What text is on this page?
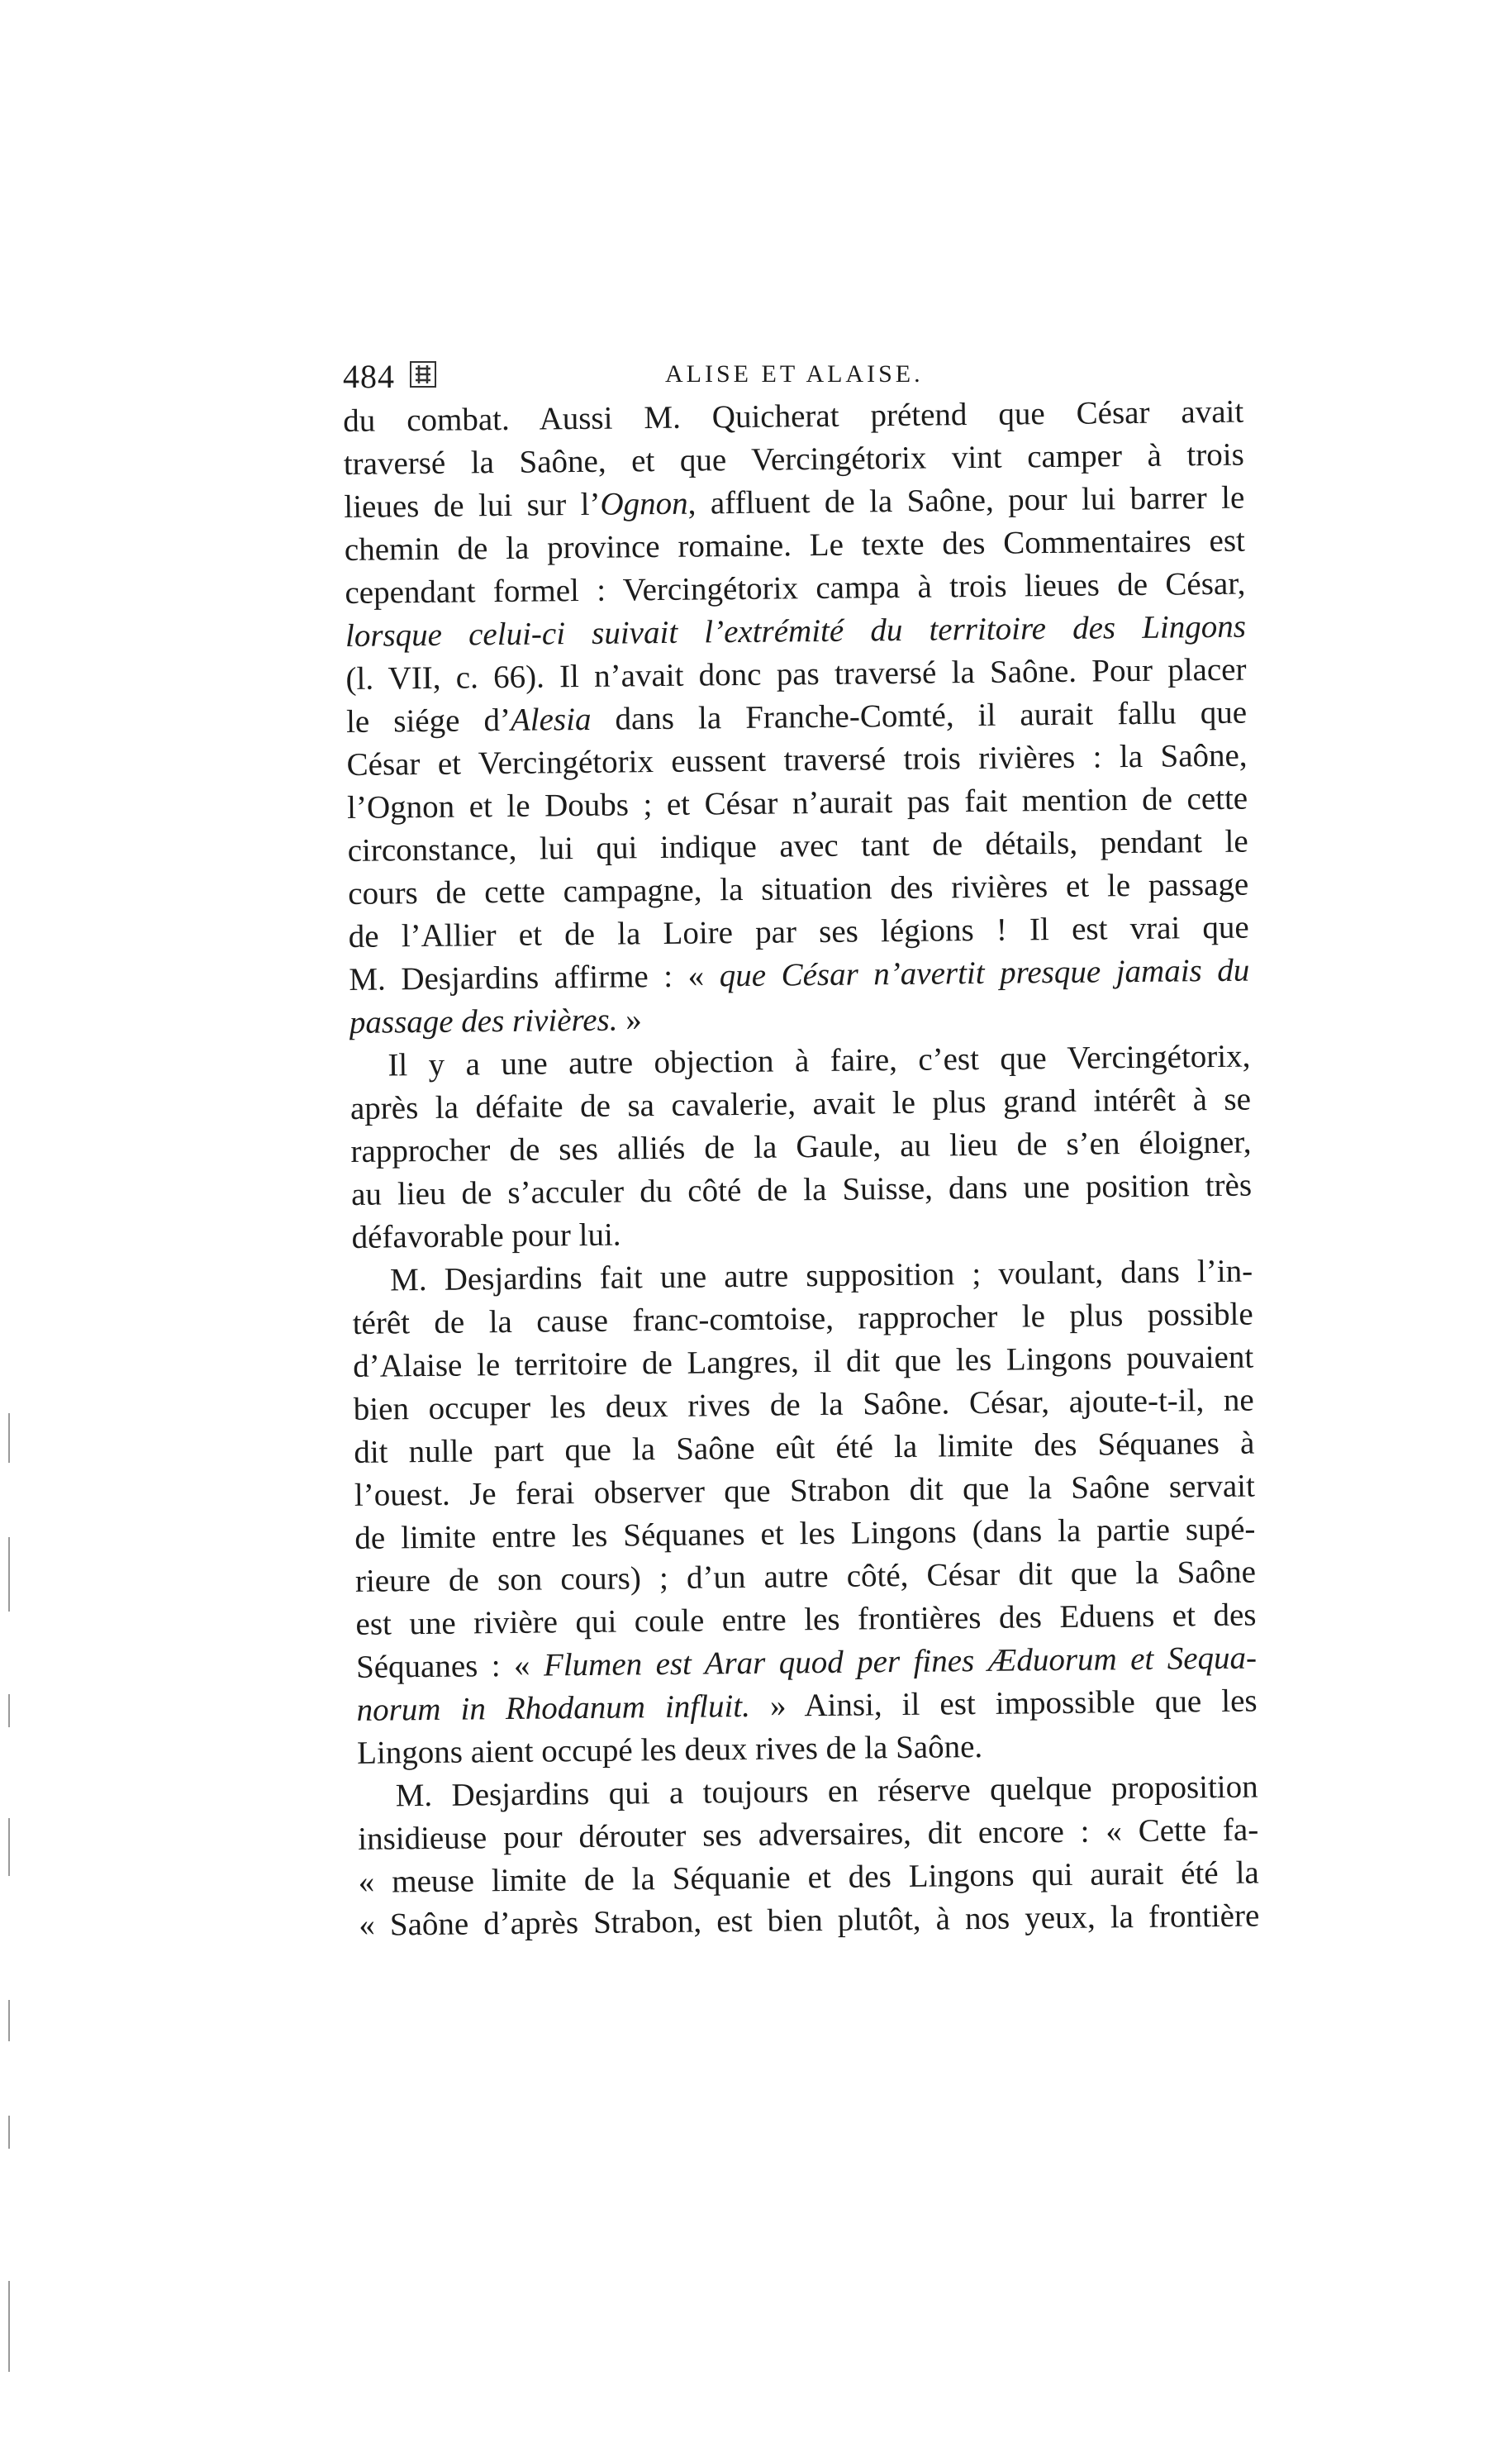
484	ALISE ET ALAISE.
du combat. Aussi M. Quicherat prétend que César avait
traversé la Saône, et que Vercingétorix vint camper à trois
lieues de lui sur l’Ognon, affluent de la Saône, pour lui barrer le
chemin de la province romaine. Le texte des Commentaires est
cependant formel : Vercingétorix campa à trois lieues de César,
lorsque celui-ci suivait l’extrémité du territoire des Lingons
(l. VII, c. 66). Il n’avait donc pas traversé la Saône. Pour placer
le siége d’Alesia dans la Franche-Comté, il aurait fallu que
César et Vercingétorix eussent traversé trois rivières : la Saône,
l’Ognon et le Doubs ; et César n’aurait pas fait mention de cette
circonstance, lui qui indique avec tant de détails, pendant le
cours de cette campagne, la situation des rivières et le passage
de l’Allier et de la Loire par ses légions ! Il est vrai que
M. Desjardins affirme : « que César n’avertit presque jamais du
passage des rivières. »
Il y a une autre objection à faire, c’est que Vercingétorix,
après la défaite de sa cavalerie, avait le plus grand intérêt à se
rapprocher de ses alliés de la Gaule, au lieu de s’en éloigner,
au lieu de s’acculer du côté de la Suisse, dans une position très
défavorable pour lui.
M. Desjardins fait une autre supposition ; voulant, dans l’in-
térêt de la cause franc-comtoise, rapprocher le plus possible
d’Alaise le territoire de Langres, il dit que les Lingons pouvaient
bien occuper les deux rives de la Saône. César, ajoute-t-il, ne
dit nulle part que la Saône eût été la limite des Séquanes à
l’ouest. Je ferai observer que Strabon dit que la Saône servait
de limite entre les Séquanes et les Lingons (dans la partie supé-
rieure de son cours) ; d’un autre côté, César dit que la Saône
est une rivière qui coule entre les frontières des Eduens et des
Séquanes : « Flumen est Arar quod per fines Æduorum et Sequa-
norum in Rhodanum influit. » Ainsi, il est impossible que les
Lingons aient occupé les deux rives de la Saône.
M. Desjardins qui a toujours en réserve quelque proposition
insidieuse pour dérouter ses adversaires, dit encore : « Cette fa-
« meuse limite de la Séquanie et des Lingons qui aurait été la
« Saône d’après Strabon, est bien plutôt, à nos yeux, la frontière
